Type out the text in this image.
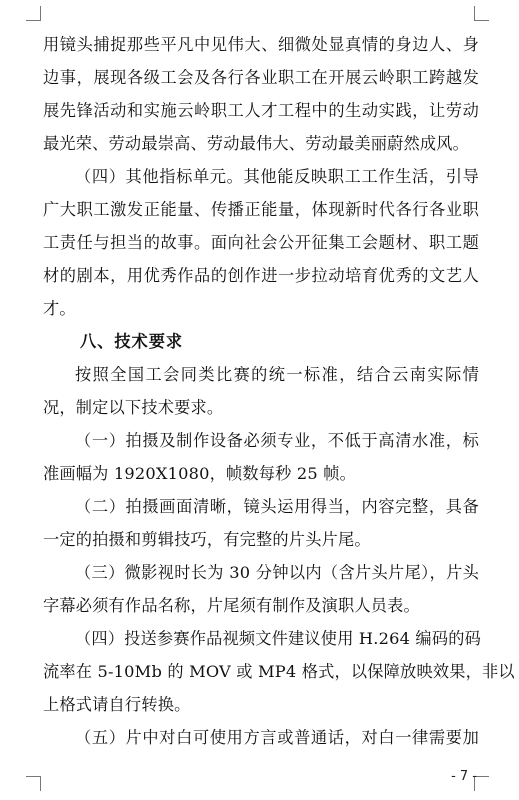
用镜头捕捉那些平凡中见伟大、细微处显真情的身边人、身
边事，展现各级工会及各行各业职工在开展云岭职工跨越发
展先锋活动和实施云岭职工人才工程中的生动实践，让劳动
最光荣、劳动最崇高、劳动最伟大、劳动最美丽蔚然成风。
（四）其他指标单元。其他能反映职工工作生活，引导
广大职工激发正能量、传播正能量，体现新时代各行各业职
工责任与担当的故事。面向社会公开征集工会题材、职工题
材的剧本，用优秀作品的创作进一步拉动培育优秀的文艺人
才。
八、技术要求
按照全国工会同类比赛的统一标准，结合云南实际情
况，制定以下技术要求。
（一）拍摄及制作设备必须专业，不低于高清水准，标
准画幅为 1920X1080，帧数每秒 25 帧。
（二）拍摄画面清晰，镜头运用得当，内容完整，具备
一定的拍摄和剪辑技巧，有完整的片头片尾。
（三）微影视时长为 30 分钟以内（含片头片尾），片头
字幕必须有作品名称，片尾须有制作及演职人员表。
（四）投送参赛作品视频文件建议使用 H.264 编码的码
流率在 5-10Mb 的 MOV 或 MP4 格式，以保障放映效果，非以
上格式请自行转换。
（五）片中对白可使用方言或普通话，对白一律需要加
- 7 -
